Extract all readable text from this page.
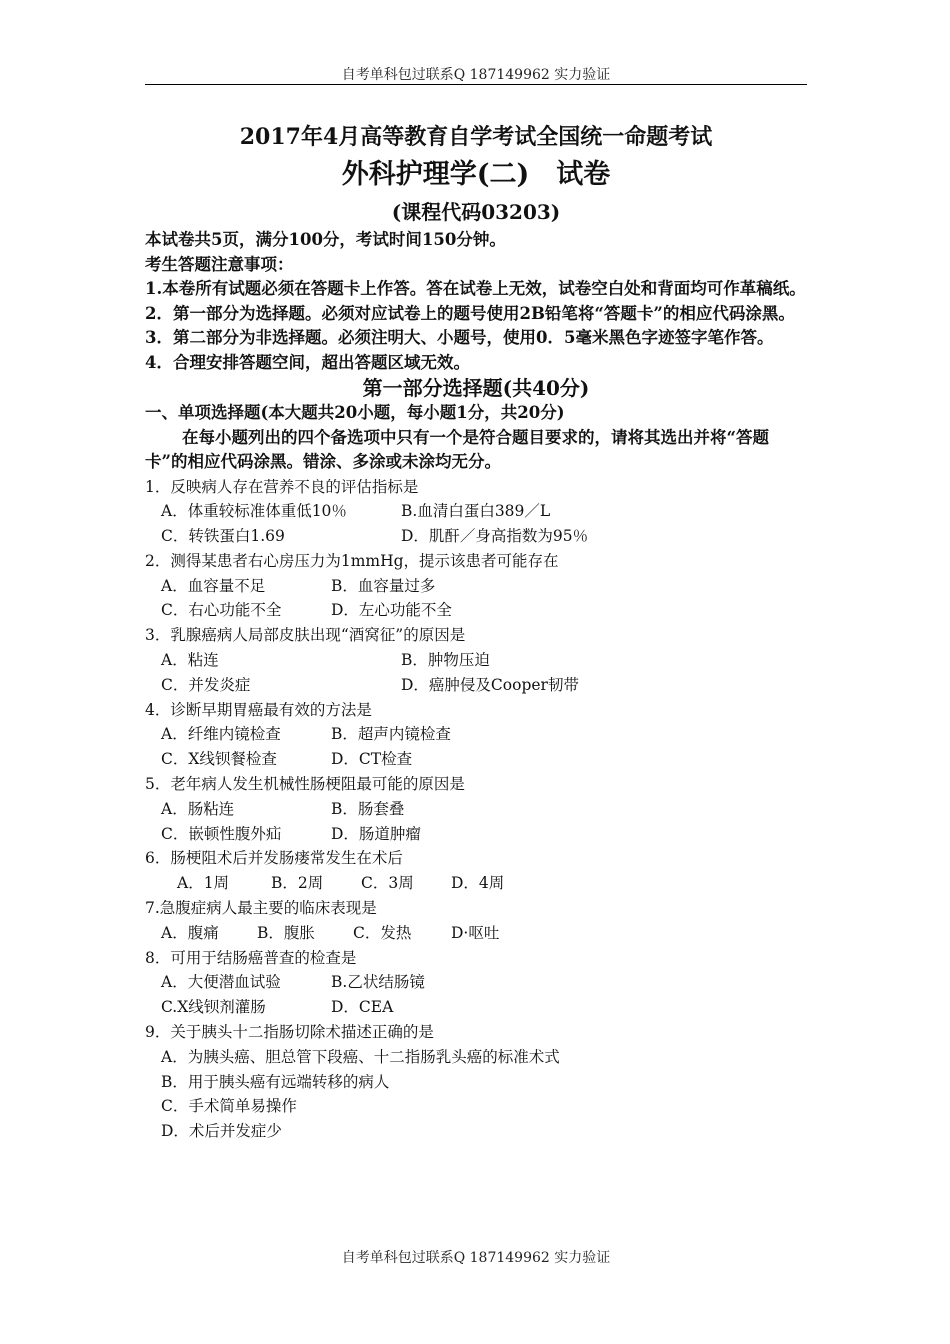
自考单科包过联系Q 187149962 实力验证
2017年4月高等教育自学考试全国统一命题考试
外科护理学(二)　试卷
(课程代码03203)
本试卷共5页，满分100分，考试时间150分钟。
考生答题注意事项：
1.本卷所有试题必须在答题卡上作答。答在试卷上无效，试卷空白处和背面均可作革稿纸。
2．第一部分为选择题。必须对应试卷上的题号使用2B铅笔将“答题卡”的相应代码涂黑。
3．第二部分为非选择题。必须注明大、小题号，使用0．5毫米黑色字迹签字笔作答。
4．合理安排答题空间，超出答题区域无效。
第一部分选择题(共40分)
一、单项选择题(本大题共20小题，每小题1分，共20分)
在每小题列出的四个备选项中只有一个是符合题目要求的，请将其选出并将“答题卡”的相应代码涂黑。错涂、多涂或未涂均无分。
1．反映病人存在营养不良的评估指标是
A．体重较标准体重低10％	B.血清白蛋白389／L
C．转铁蛋白1.69	D．肌酐／身高指数为95％
2．测得某患者右心房压力为1mmHg，提示该患者可能存在
A．血容量不足	B．血容量过多
C．右心功能不全	D．左心功能不全
3．乳腺癌病人局部皮肤出现“酒窝征”的原因是
A．粘连	B．肿物压迫
C．并发炎症	D．癌肿侵及Cooper韧带
4．诊断早期胃癌最有效的方法是
A．纤维内镜检查	B．超声内镜检查
C．X线钡餐检查	D．CT检查
5．老年病人发生机械性肠梗阻最可能的原因是
A．肠粘连	B．肠套叠
C．嵌顿性腹外疝	D．肠道肿瘤
6．肠梗阻术后并发肠瘘常发生在术后
A．1周	B．2周 C．3周 D．4周
7.急腹症病人最主要的临床表现是
A．腹痛 B．腹胀 C．发热	D·呕吐
8．可用于结肠癌普查的检查是
A．大便潜血试验	B.乙状结肠镜
C.X线钡剂灌肠	D．CEA
9．关于胰头十二指肠切除术描述正确的是
A．为胰头癌、胆总管下段癌、十二指肠乳头癌的标准术式
B．用于胰头癌有远端转移的病人
C．手术简单易操作
D．术后并发症少
自考单科包过联系Q 187149962 实力验证
